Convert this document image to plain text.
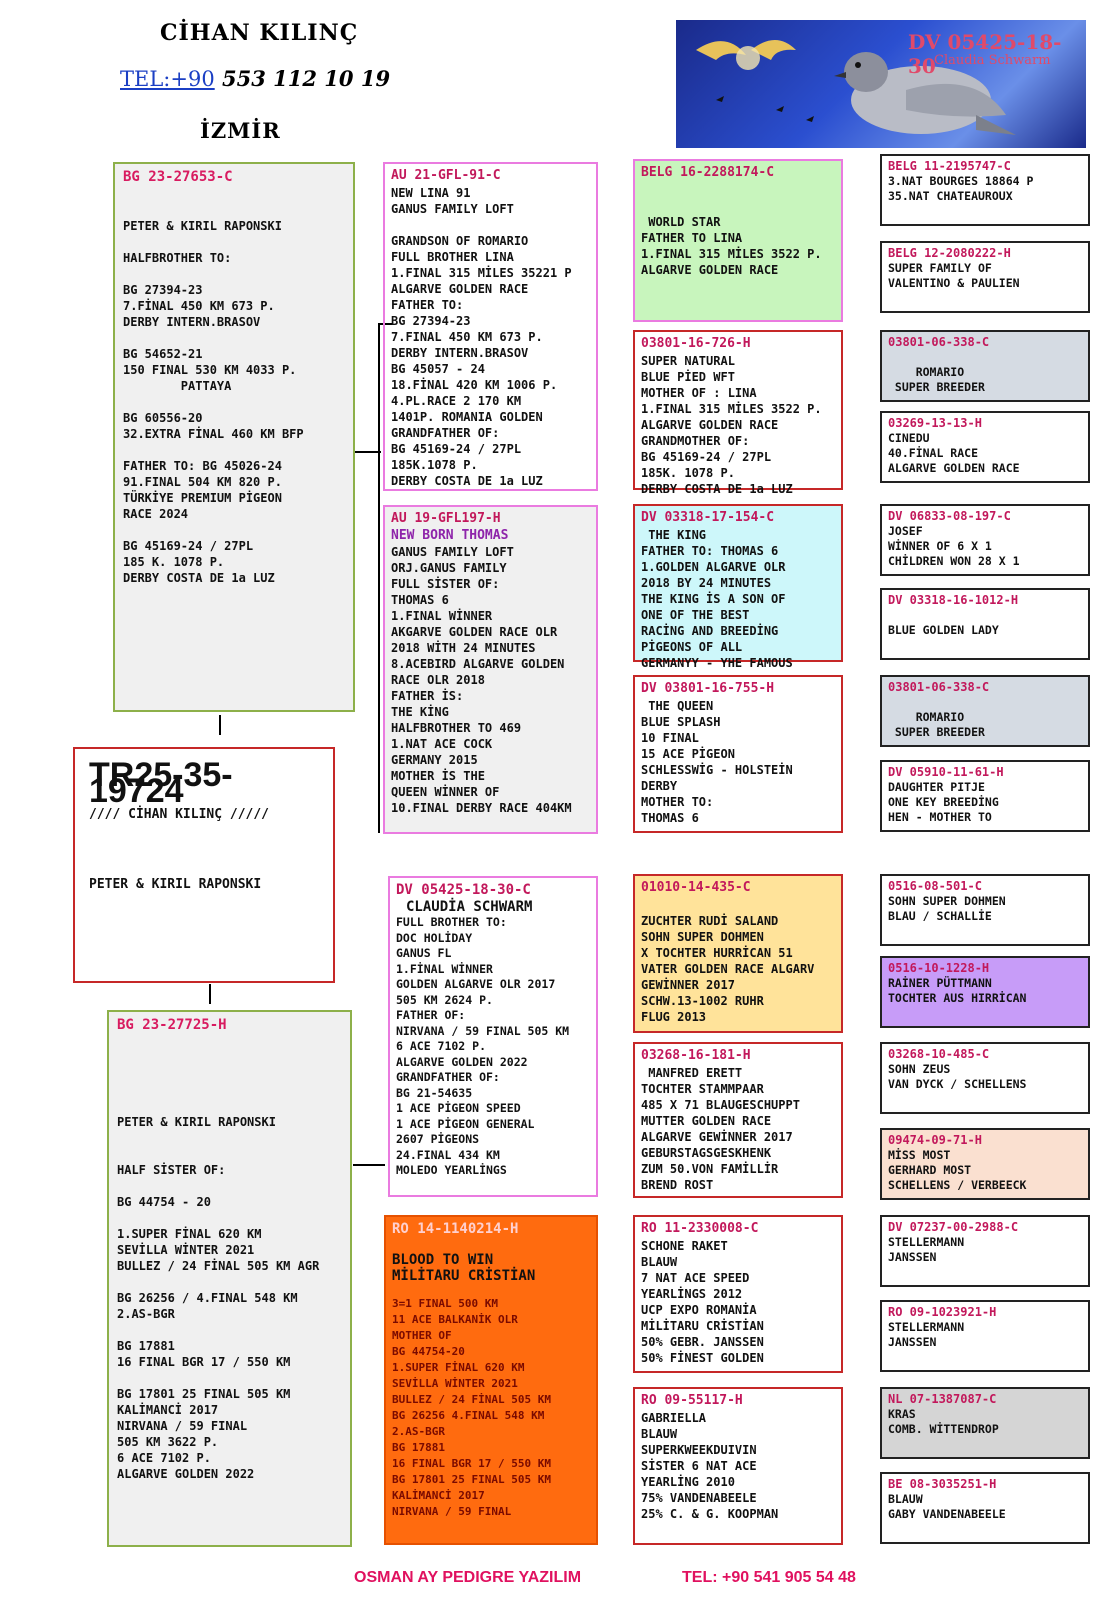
CİHAN KILINÇ
TEL:+90 553 112 10 19
İZMİR
DV 05425-18-30
Claudia Schwarm
TR25-35-19724
//// CİHAN KILINÇ /////
PETER & KIRIL RAPONSKI
BG 23-27653-C

PETER & KIRIL RAPONSKI

HALFBROTHER TO:

BG 27394-23
7.FİNAL 450 KM 673 P.
DERBY INTERN.BRASOV

BG 54652-21
150 FINAL 530 KM 4033 P.
PATTAYA

BG 60556-20
32.EXTRA FİNAL 460 KM BFP

FATHER TO: BG 45026-24
91.FINAL 504 KM 820 P.
TÜRKİYE PREMIUM PİGEON
RACE 2024

BG 45169-24 / 27PL
185 K. 1078 P.
DERBY COSTA DE 1a LUZ
BG 23-27725-H

PETER & KIRIL RAPONSKI

HALF SİSTER OF:

BG 44754 - 20

1.SUPER FİNAL 620 KM
SEVİLLA WİNTER 2021
BULLEZ / 24 FİNAL 505 KM AGR

BG 26256 / 4.FINAL 548 KM
2.AS-BGR

BG 17881
16 FINAL BGR 17 / 550 KM

BG 17801 25 FINAL 505 KM
KALİMANCİ 2017
NIRVANA / 59 FINAL
505 KM 3622 P.
6 ACE 7102 P.
ALGARVE GOLDEN 2022
AU 21-GFL-91-C
NEW LINA 91
GANUS FAMILY LOFT

GRANDSON OF ROMARIO
FULL BROTHER LINA
1.FINAL 315 MİLES 35221 P
ALGARVE GOLDEN RACE
FATHER TO:
BG 27394-23
7.FINAL 450 KM 673 P.
DERBY INTERN.BRASOV
BG 45057 - 24
18.FİNAL 420 KM 1006 P.
4.PL.RACE 2 170 KM
1401P. ROMANIA GOLDEN
GRANDFATHER OF:
BG 45169-24 / 27PL
185K.1078 P.
DERBY COSTA DE 1a LUZ
AU 19-GFL197-H
NEW BORN THOMAS
GANUS FAMILY LOFT
ORJ.GANUS FAMILY
FULL SİSTER OF:
THOMAS 6
1.FINAL WİNNER
AKGARVE GOLDEN RACE OLR
2018 WİTH 24 MINUTES
8.ACEBIRD ALGARVE GOLDEN
RACE OLR 2018
FATHER İS:
THE KİNG
HALFBROTHER TO 469
1.NAT ACE COCK
GERMANY 2015
MOTHER İS THE
QUEEN WİNNER OF
10.FINAL DERBY RACE 404KM
DV 05425-18-30-C
CLAUDİA SCHWARM
FULL BROTHER TO:
DOC HOLİDAY
GANUS FL
1.FİNAL WİNNER
GOLDEN ALGARVE OLR 2017
505 KM 2624 P.
FATHER OF:
NIRVANA / 59 FINAL 505 KM
6 ACE 7102 P.
ALGARVE GOLDEN 2022
GRANDFATHER OF:
BG 21-54635
1 ACE PİGEON SPEED
1 ACE PİGEON GENERAL
2607 PİGEONS
24.FINAL 434 KM
MOLEDO YEARLİNGS
RO 14-1140214-H
BLOOD TO WIN
MİLİTARU CRİSTİAN
3=1 FINAL 500 KM
11 ACE BALKANİK OLR
MOTHER OF
BG 44754-20
1.SUPER FİNAL 620 KM
SEVİLLA WİNTER 2021
BULLEZ / 24 FİNAL 505 KM
BG 26256 4.FINAL 548 KM
2.AS-BGR
BG 17881
16 FINAL BGR 17 / 550 KM
BG 17801 25 FINAL 505 KM
KALİMANCİ 2017
NIRVANA / 59 FINAL
BELG 16-2288174-C

WORLD STAR
FATHER TO LINA
1.FINAL 315 MİLES 3522 P.
ALGARVE GOLDEN RACE
03801-16-726-H
SUPER NATURAL
BLUE PİED WFT
MOTHER OF : LINA
1.FINAL 315 MİLES 3522 P.
ALGARVE GOLDEN RACE
GRANDMOTHER OF:
BG 45169-24 / 27PL
185K. 1078 P.
DERBY COSTA DE 1a LUZ
DV 03318-17-154-C
THE KING
FATHER TO: THOMAS 6
1.GOLDEN ALGARVE OLR
2018 BY 24 MINUTES
THE KING İS A SON OF
ONE OF THE BEST
RACİNG AND BREEDİNG
PİGEONS OF ALL
GERMANYY - YHE FAMOUS
DV 03801-16-755-H
THE QUEEN
BLUE SPLASH
10 FINAL
15 ACE PİGEON
SCHLESSWİG - HOLSTEİN
DERBY
MOTHER TO:
THOMAS 6
01010-14-435-C

ZUCHTER RUDİ SALAND
SOHN SUPER DOHMEN
X TOCHTER HURRİCAN 51
VATER GOLDEN RACE ALGARV
GEWİNNER 2017
SCHW.13-1002 RUHR
FLUG 2013
03268-16-181-H
MANFRED ERETT
TOCHTER STAMMPAAR
485 X 71 BLAUGESCHUPPT
MUTTER GOLDEN RACE
ALGARVE GEWİNNER 2017
GEBURSTAGSGESKHENK
ZUM 50.VON FAMİLLİR
BREND ROST
RO 11-2330008-C
SCHONE RAKET
BLAUW
7 NAT ACE SPEED
YEARLİNGS 2012
UCP EXPO ROMANİA
MİLİTARU CRİSTİAN
50% GEBR. JANSSEN
50% FİNEST GOLDEN
RO 09-55117-H
GABRIELLA
BLAUW
SUPERKWEEKDUIVIN
SİSTER 6 NAT ACE
YEARLİNG 2010
75% VANDENABEELE
25% C. & G. KOOPMAN
BELG 11-2195747-C
3.NAT BOURGES 18864 P
35.NAT CHATEAUROUX
BELG 12-2080222-H
SUPER FAMILY OF
VALENTINO & PAULIEN
03801-06-338-C

ROMARIO
SUPER BREEDER
03269-13-13-H
CINEDU
40.FİNAL RACE
ALGARVE GOLDEN RACE
DV 06833-08-197-C
JOSEF
WİNNER OF 6 X 1
CHİLDREN WON 28 X 1
DV 03318-16-1012-H

BLUE GOLDEN LADY
03801-06-338-C

ROMARIO
SUPER BREEDER
DV 05910-11-61-H
DAUGHTER PITJE
ONE KEY BREEDİNG
HEN - MOTHER TO
0516-08-501-C
SOHN SUPER DOHMEN
BLAU / SCHALLİE
0516-10-1228-H
RAİNER PÜTTMANN
TOCHTER AUS HIRRİCAN
03268-10-485-C
SOHN ZEUS
VAN DYCK / SCHELLENS
09474-09-71-H
MİSS MOST
GERHARD MOST
SCHELLENS / VERBEECK
DV 07237-00-2988-C
STELLERMANN
JANSSEN
RO 09-1023921-H
STELLERMANN
JANSSEN
NL 07-1387087-C
KRAS
COMB. WİTTENDROP
BE 08-3035251-H
BLAUW
GABY VANDENABEELE
OSMAN AY PEDIGRE YAZILIM	TEL: +90 541 905 54 48
